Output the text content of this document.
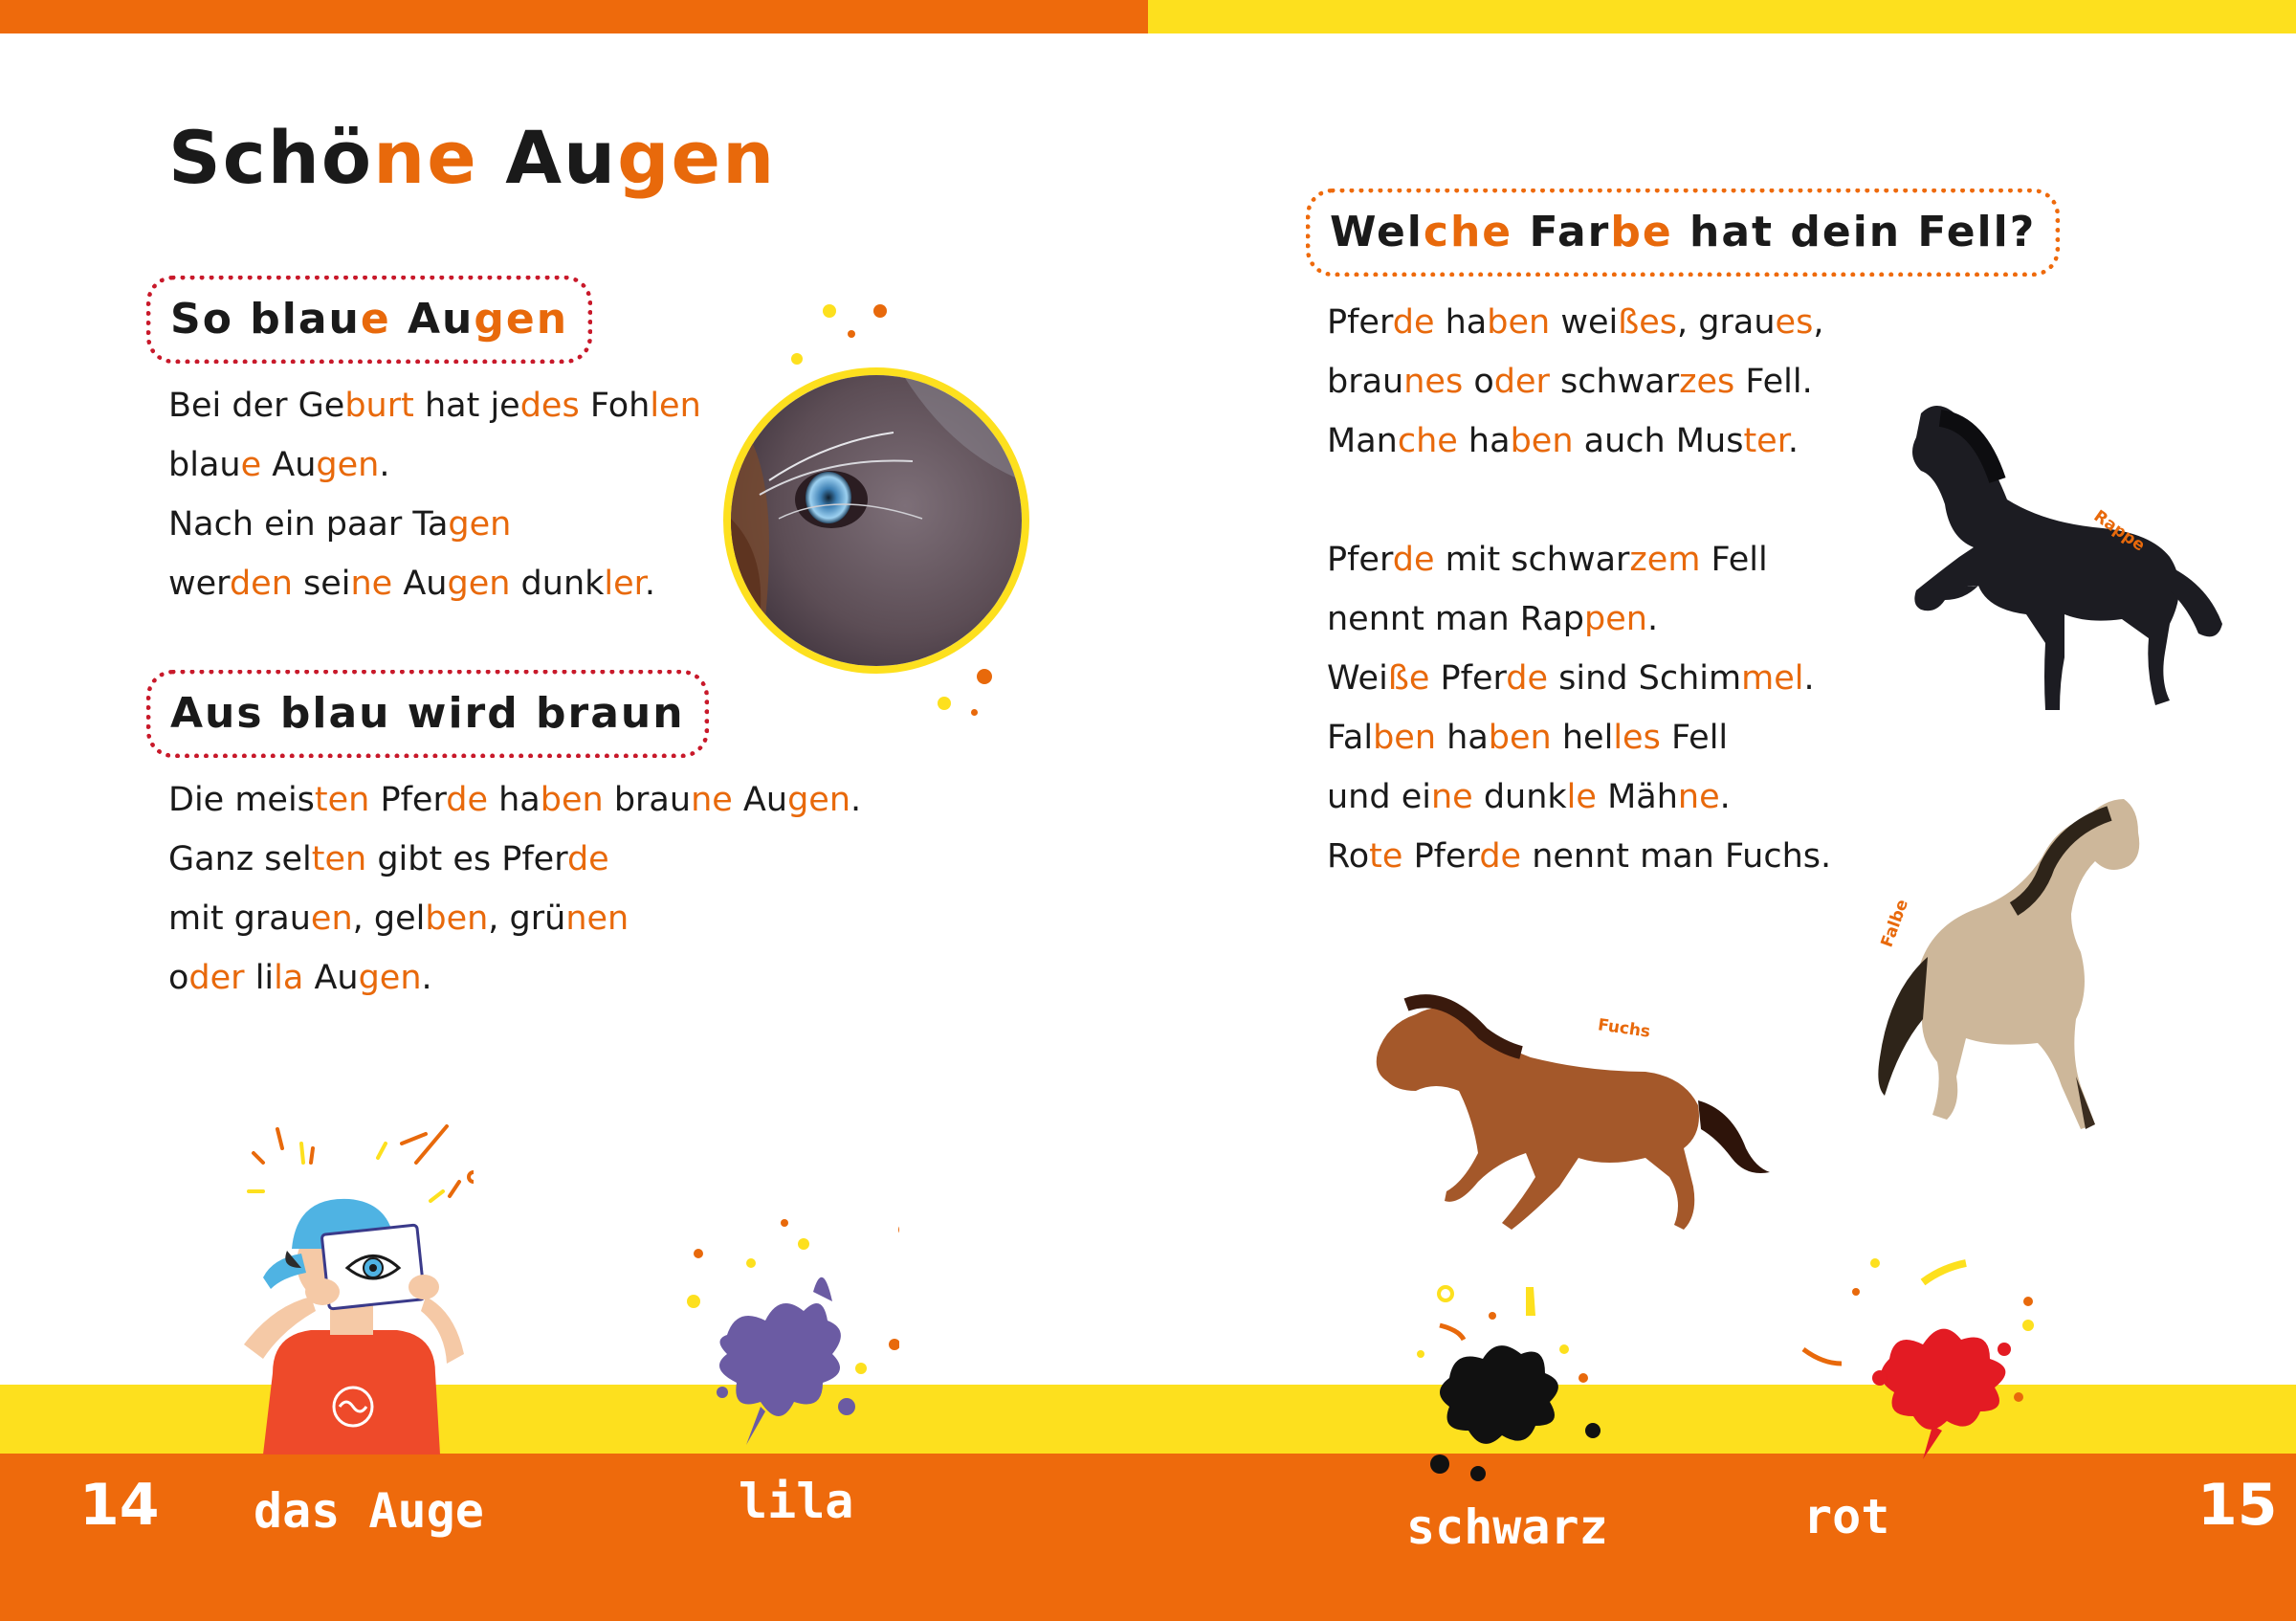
Schöne Augen
So blaue Augen
Bei der Geburt hat jedes Fohlen
blaue Augen.
Nach ein paar Tagen
werden seine Augen dunkler.
Aus blau wird braun
Die meisten Pferde haben braune Augen.
Ganz selten gibt es Pferde
mit grauen, gelben, grünen
oder lila Augen.
14 das Auge	lila
Welche Farbe hat dein Fell?
Pferde haben weißes, graues,
braunes oder schwarzes Fell.
Manche haben auch Muster.

Pferde mit schwarzem Fell
nennt man Rappen.
Weiße Pferde sind Schimmel.
Falben haben helles Fell
und eine dunkle Mähne.
Rote Pferde nennt man Fuchs.
Rappe
Falbe
Fuchs
schwarz	rot	15
